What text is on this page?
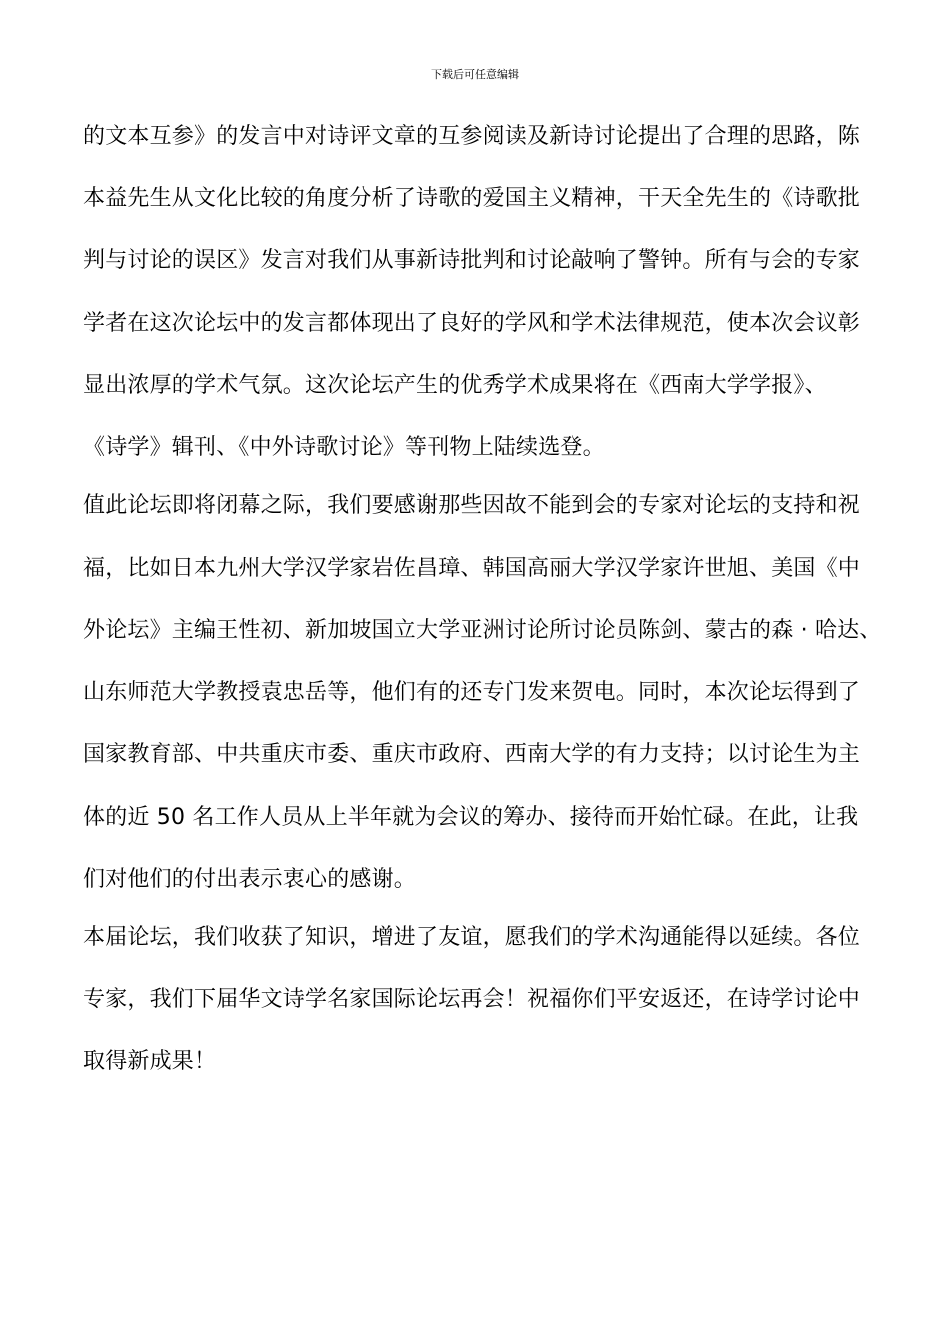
下载后可任意编辑
的文本互参》的发言中对诗评文章的互参阅读及新诗讨论提出了合理的思路，陈
本益先生从文化比较的角度分析了诗歌的爱国主义精神，干天全先生的《诗歌批
判与讨论的误区》发言对我们从事新诗批判和讨论敲响了警钟。所有与会的专家
学者在这次论坛中的发言都体现出了良好的学风和学术法律规范，使本次会议彰
显出浓厚的学术气氛。这次论坛产生的优秀学术成果将在《西南大学学报》、
《诗学》辑刊、《中外诗歌讨论》等刊物上陆续选登。
值此论坛即将闭幕之际，我们要感谢那些因故不能到会的专家对论坛的支持和祝
福，比如日本九州大学汉学家岩佐昌璋、韩国高丽大学汉学家许世旭、美国《中
外论坛》主编王性初、新加坡国立大学亚洲讨论所讨论员陈剑、蒙古的森 · 哈达、
山东师范大学教授袁忠岳等，他们有的还专门发来贺电。同时，本次论坛得到了
国家教育部、中共重庆市委、重庆市政府、西南大学的有力支持；以讨论生为主
体的近 50 名工作人员从上半年就为会议的筹办、接待而开始忙碌。在此，让我
们对他们的付出表示衷心的感谢。
本届论坛，我们收获了知识，增进了友谊，愿我们的学术沟通能得以延续。各位
专家，我们下届华文诗学名家国际论坛再会！祝福你们平安返还，在诗学讨论中
取得新成果！
